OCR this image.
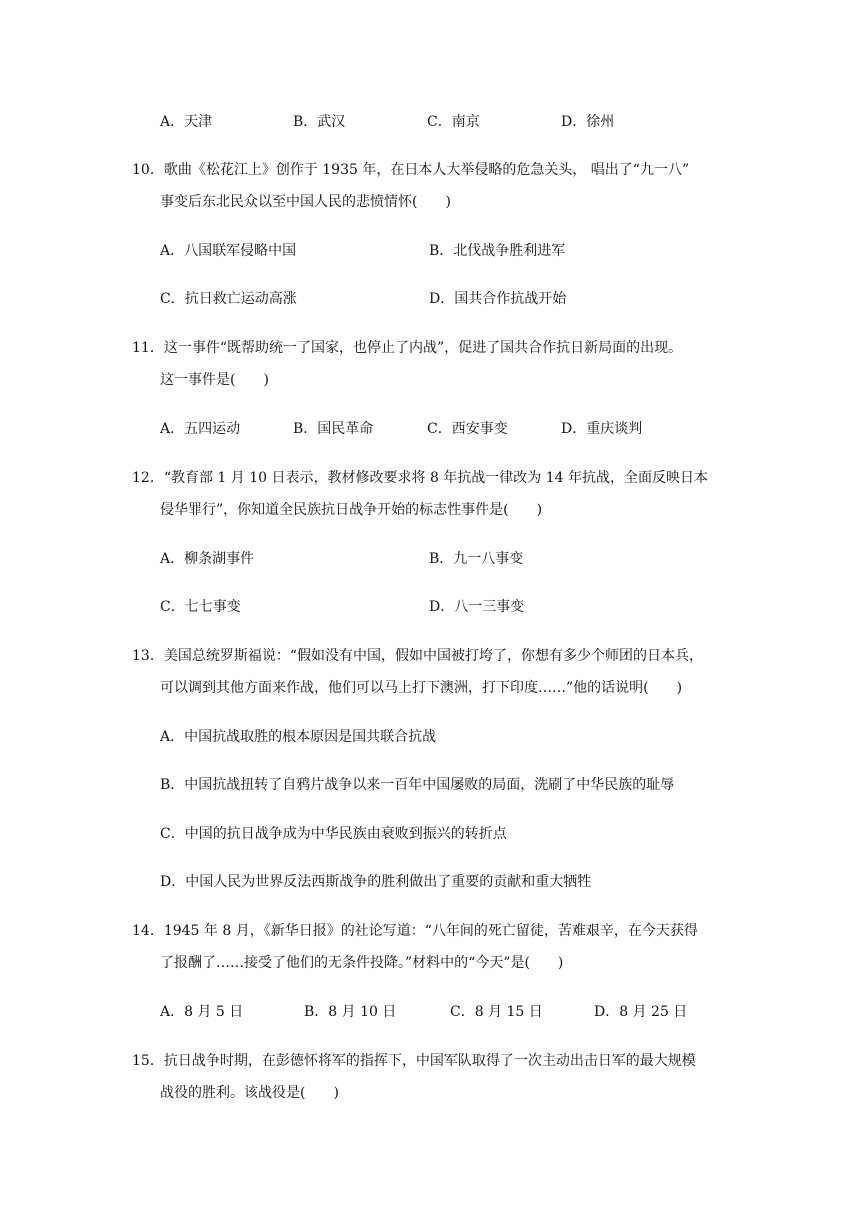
A．天津	B．武汉	C．南京	D．徐州
10．歌曲《松花江上》创作于 1935 年，在日本人大举侵略的危急关头， 唱出了“九一八”
事变后东北民众以至中国人民的悲愤情怀(　　)
A．八国联军侵略中国	B．北伐战争胜利进军
C．抗日救亡运动高涨	D．国共合作抗战开始
11．这一事件“既帮助统一了国家，也停止了内战”，促进了国共合作抗日新局面的出现。
这一事件是(　　)
A．五四运动	B．国民革命	C．西安事变	D．重庆谈判
12．“教育部 1 月 10 日表示，教材修改要求将 8 年抗战一律改为 14 年抗战，全面反映日本
侵华罪行”，你知道全民族抗日战争开始的标志性事件是(　　)
A．柳条湖事件	B．九一八事变
C．七七事变	D．八一三事变
13．美国总统罗斯福说：“假如没有中国，假如中国被打垮了，你想有多少个师团的日本兵，
可以调到其他方面来作战，他们可以马上打下澳洲，打下印度……”他的话说明(　　)
A．中国抗战取胜的根本原因是国共联合抗战
B．中国抗战扭转了自鸦片战争以来一百年中国屡败的局面，洗刷了中华民族的耻辱
C．中国的抗日战争成为中华民族由衰败到振兴的转折点
D．中国人民为世界反法西斯战争的胜利做出了重要的贡献和重大牺牲
14．1945 年 8 月，《新华日报》的社论写道：“八年间的死亡留徒，苦难艰辛，在今天获得
了报酬了……接受了他们的无条件投降。”材料中的“今天”是(　　)
A．8 月 5 日	B．8 月 10 日	C．8 月 15 日	D．8 月 25 日
15．抗日战争时期，在彭德怀将军的指挥下，中国军队取得了一次主动出击日军的最大规模
战役的胜利。该战役是(　　)
